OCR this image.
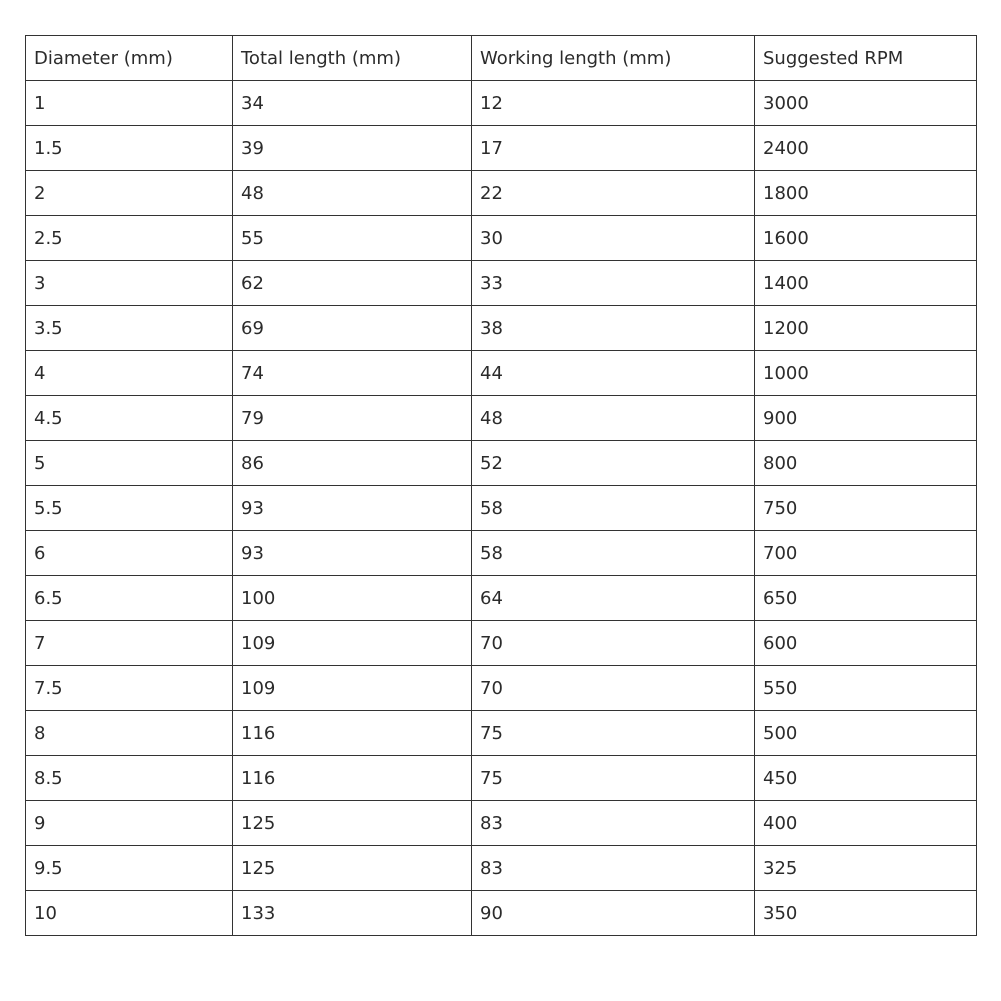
Diameter (mm)	Total length (mm)	Working length (mm)	Suggested RPM
1	34	12	3000
1.5	39	17	2400
2	48	22	1800
2.5	55	30	1600
3	62	33	1400
3.5	69	38	1200
4	74	44	1000
4.5	79	48	900
5	86	52	800
5.5	93	58	750
6	93	58	700
6.5	100	64	650
7	109	70	600
7.5	109	70	550
8	116	75	500
8.5	116	75	450
9	125	83	400
9.5	125	83	325
10	133	90	350
